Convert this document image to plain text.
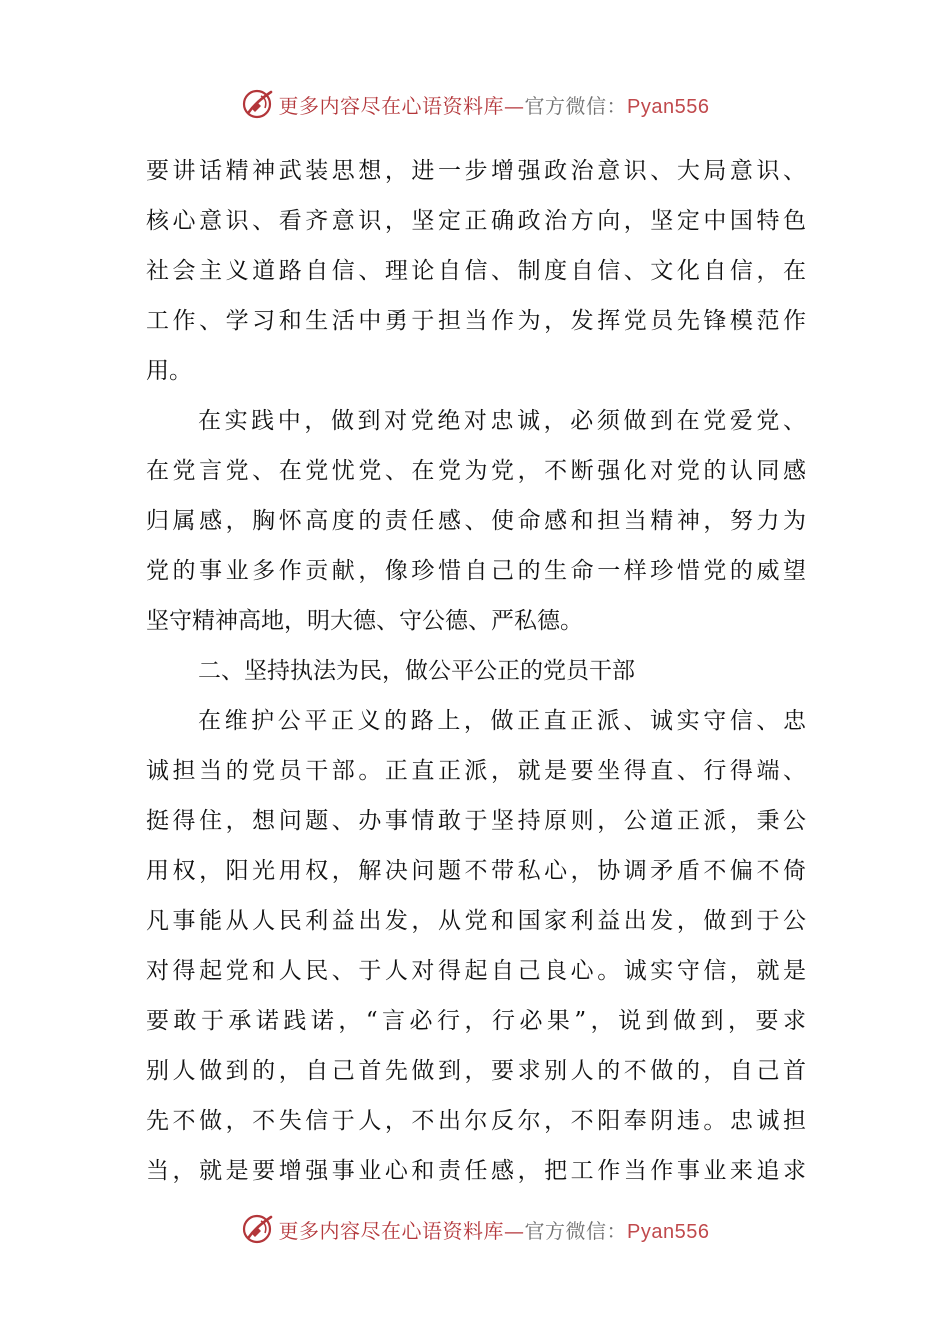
更多内容尽在心语资料库—官方微信：Pyan556
要讲话精神武装思想，进一步增强政治意识、大局意识、
核心意识、看齐意识，坚定正确政治方向，坚定中国特色
社会主义道路自信、理论自信、制度自信、文化自信，在
工作、学习和生活中勇于担当作为，发挥党员先锋模范作
用。
在实践中，做到对党绝对忠诚，必须做到在党爱党、
在党言党、在党忧党、在党为党，不断强化对党的认同感
归属感，胸怀高度的责任感、使命感和担当精神，努力为
党的事业多作贡献，像珍惜自己的生命一样珍惜党的威望
坚守精神高地，明大德、守公德、严私德。
二、坚持执法为民，做公平公正的党员干部
在维护公平正义的路上，做正直正派、诚实守信、忠
诚担当的党员干部。正直正派，就是要坐得直、行得端、
挺得住，想问题、办事情敢于坚持原则，公道正派，秉公
用权，阳光用权，解决问题不带私心，协调矛盾不偏不倚
凡事能从人民利益出发，从党和国家利益出发，做到于公
对得起党和人民、于人对得起自己良心。诚实守信，就是
要敢于承诺践诺，“言必行，行必果”，说到做到，要求
别人做到的，自己首先做到，要求别人的不做的，自己首
先不做，不失信于人，不出尔反尔，不阳奉阴违。忠诚担
当，就是要增强事业心和责任感，把工作当作事业来追求
更多内容尽在心语资料库—官方微信：Pyan556
